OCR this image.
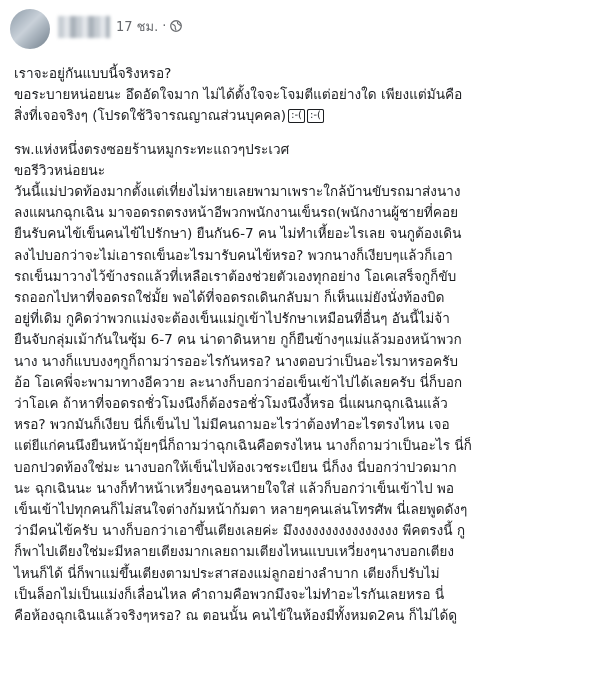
17 ชม. ·
เราจะอยู่กันแบบนี้จริงหรอ?
ขอระบายหน่อยนะ อึดอัดใจมาก ไม่ได้ตั้งใจจะโจมตีแต่อย่างใด เพียงแต่มันคือ
สิ่งที่เจอจริงๆ (โปรดใช้วิจารณญาณส่วนบุคคล) :-(:-(
รพ.แห่งหนึ่งตรงซอยร้านหมูกระทะแถวๆประเวศ
ขอรีวิวหน่อยนะ
วันนี้แม่ปวดท้องมากตั้งแต่เที่ยงไม่หายเลยพามาเพราะใกล้บ้านขับรถมาส่งนาง
ลงแผนกฉุกเฉิน มาจอดรถตรงหน้าอีพวกพนักงานเข็นรถ(พนักงานผู้ชายที่คอย
ยืนรับคนไข้เข็นคนไข้ไปรักษา) ยืนกัน6-7 คน ไม่ทำเหี้ยอะไรเลย จนกูต้องเดิน
ลงไปบอกว่าจะไม่เอารถเข็นอะไรมารับคนไข้หรอ? พวกนางก็เงียบๆแล้วก็เอา
รถเข็นมาวางไว้ข้างรถแล้วที่เหลือเราต้องช่วยตัวเองทุกอย่าง โอเคเสร็จกูก็ขับ
รถออกไปหาที่จอดรถใช่มั้ย พอได้ที่จอดรถเดินกลับมา ก็เห็นแม่ยังนั่งท้องบิด
อยู่ที่เดิม กูคิดว่าพวกแม่งจะต้องเข็นแม่กูเข้าไปรักษาเหมือนที่อื่นๆ อันนี้ไม่จ้า
ยืนจับกลุ่มเม้ากันในซุ้ม 6-7 คน น่าดาดินหาย กูก็ยืนข้างๆแม่แล้วมองหน้าพวก
นาง นางก็แบบงงๆกูก็ถามว่ารออะไรกันหรอ? นางตอบว่าเป็นอะไรมาหรอครับ
อ้อ โอเคพี่จะพามาทางอีควาย ละนางก็บอกว่าอ่อเข็นเข้าไปได้เลยครับ นี่ก็บอก
ว่าโอเค ถ้าหาที่จอดรถชั่วโมงนึงก็ต้องรอชั่วโมงนึงงี้หรอ นี่แผนกฉุกเฉินแล้ว
หรอ? พวกมันก็เงียบ นี่ก็เข็นไป ไม่มีคนถามอะไรว่าต้องทำอะไรตรงไหน เจอ
แต่ยีแก่คนนึงยืนหน้ามุ้ยๆนี่ก็ถามว่าฉุกเฉินคือตรงไหน นางก็ถามว่าเป็นอะไร นี่ก็
บอกปวดท้องใช่มะ นางบอกให้เข็นไปห้องเวชระเบียน นี่ก็งง นี่บอกว่าปวดมาก
นะ ฉุกเฉินนะ นางก็ทำหน้าเหวี่ยงๆฉอนหายใจใส่ แล้วก็บอกว่าเข็นเข้าไป พอ
เข็นเข้าไปทุกคนก็ไม่สนใจต่างก้มหน้าก้มตา หลายๆคนเล่นโทรศัพ นี่เลยพูดดังๆ
ว่ามีคนไข้ครับ นางก็บอกว่าเอาขึ้นเตียงเลยค่ะ มึงงงงงงงงงงงงงงงง พีคตรงนี้ กู
ก็พาไปเตียงใช่มะมีหลายเตียงมากเลยถามเตียงไหนแบบเหวี่ยงๆนางบอกเตียง
ไหนก็ได้ นี่ก็พาแม่ขึ้นเตียงตามประสาสองแม่ลูกอย่างลำบาก เตียงก็ปรับไม่
เป็นล็อกไม่เป็นแม่งก็เลื่อนไหล คำถามคือพวกมึงจะไม่ทำอะไรกันเลยหรอ นี่
คือห้องฉุกเฉินแล้วจริงๆหรอ? ณ ตอนนั้น คนไข้ในห้องมีทั้งหมด2คน ก็ไม่ได้ดู
